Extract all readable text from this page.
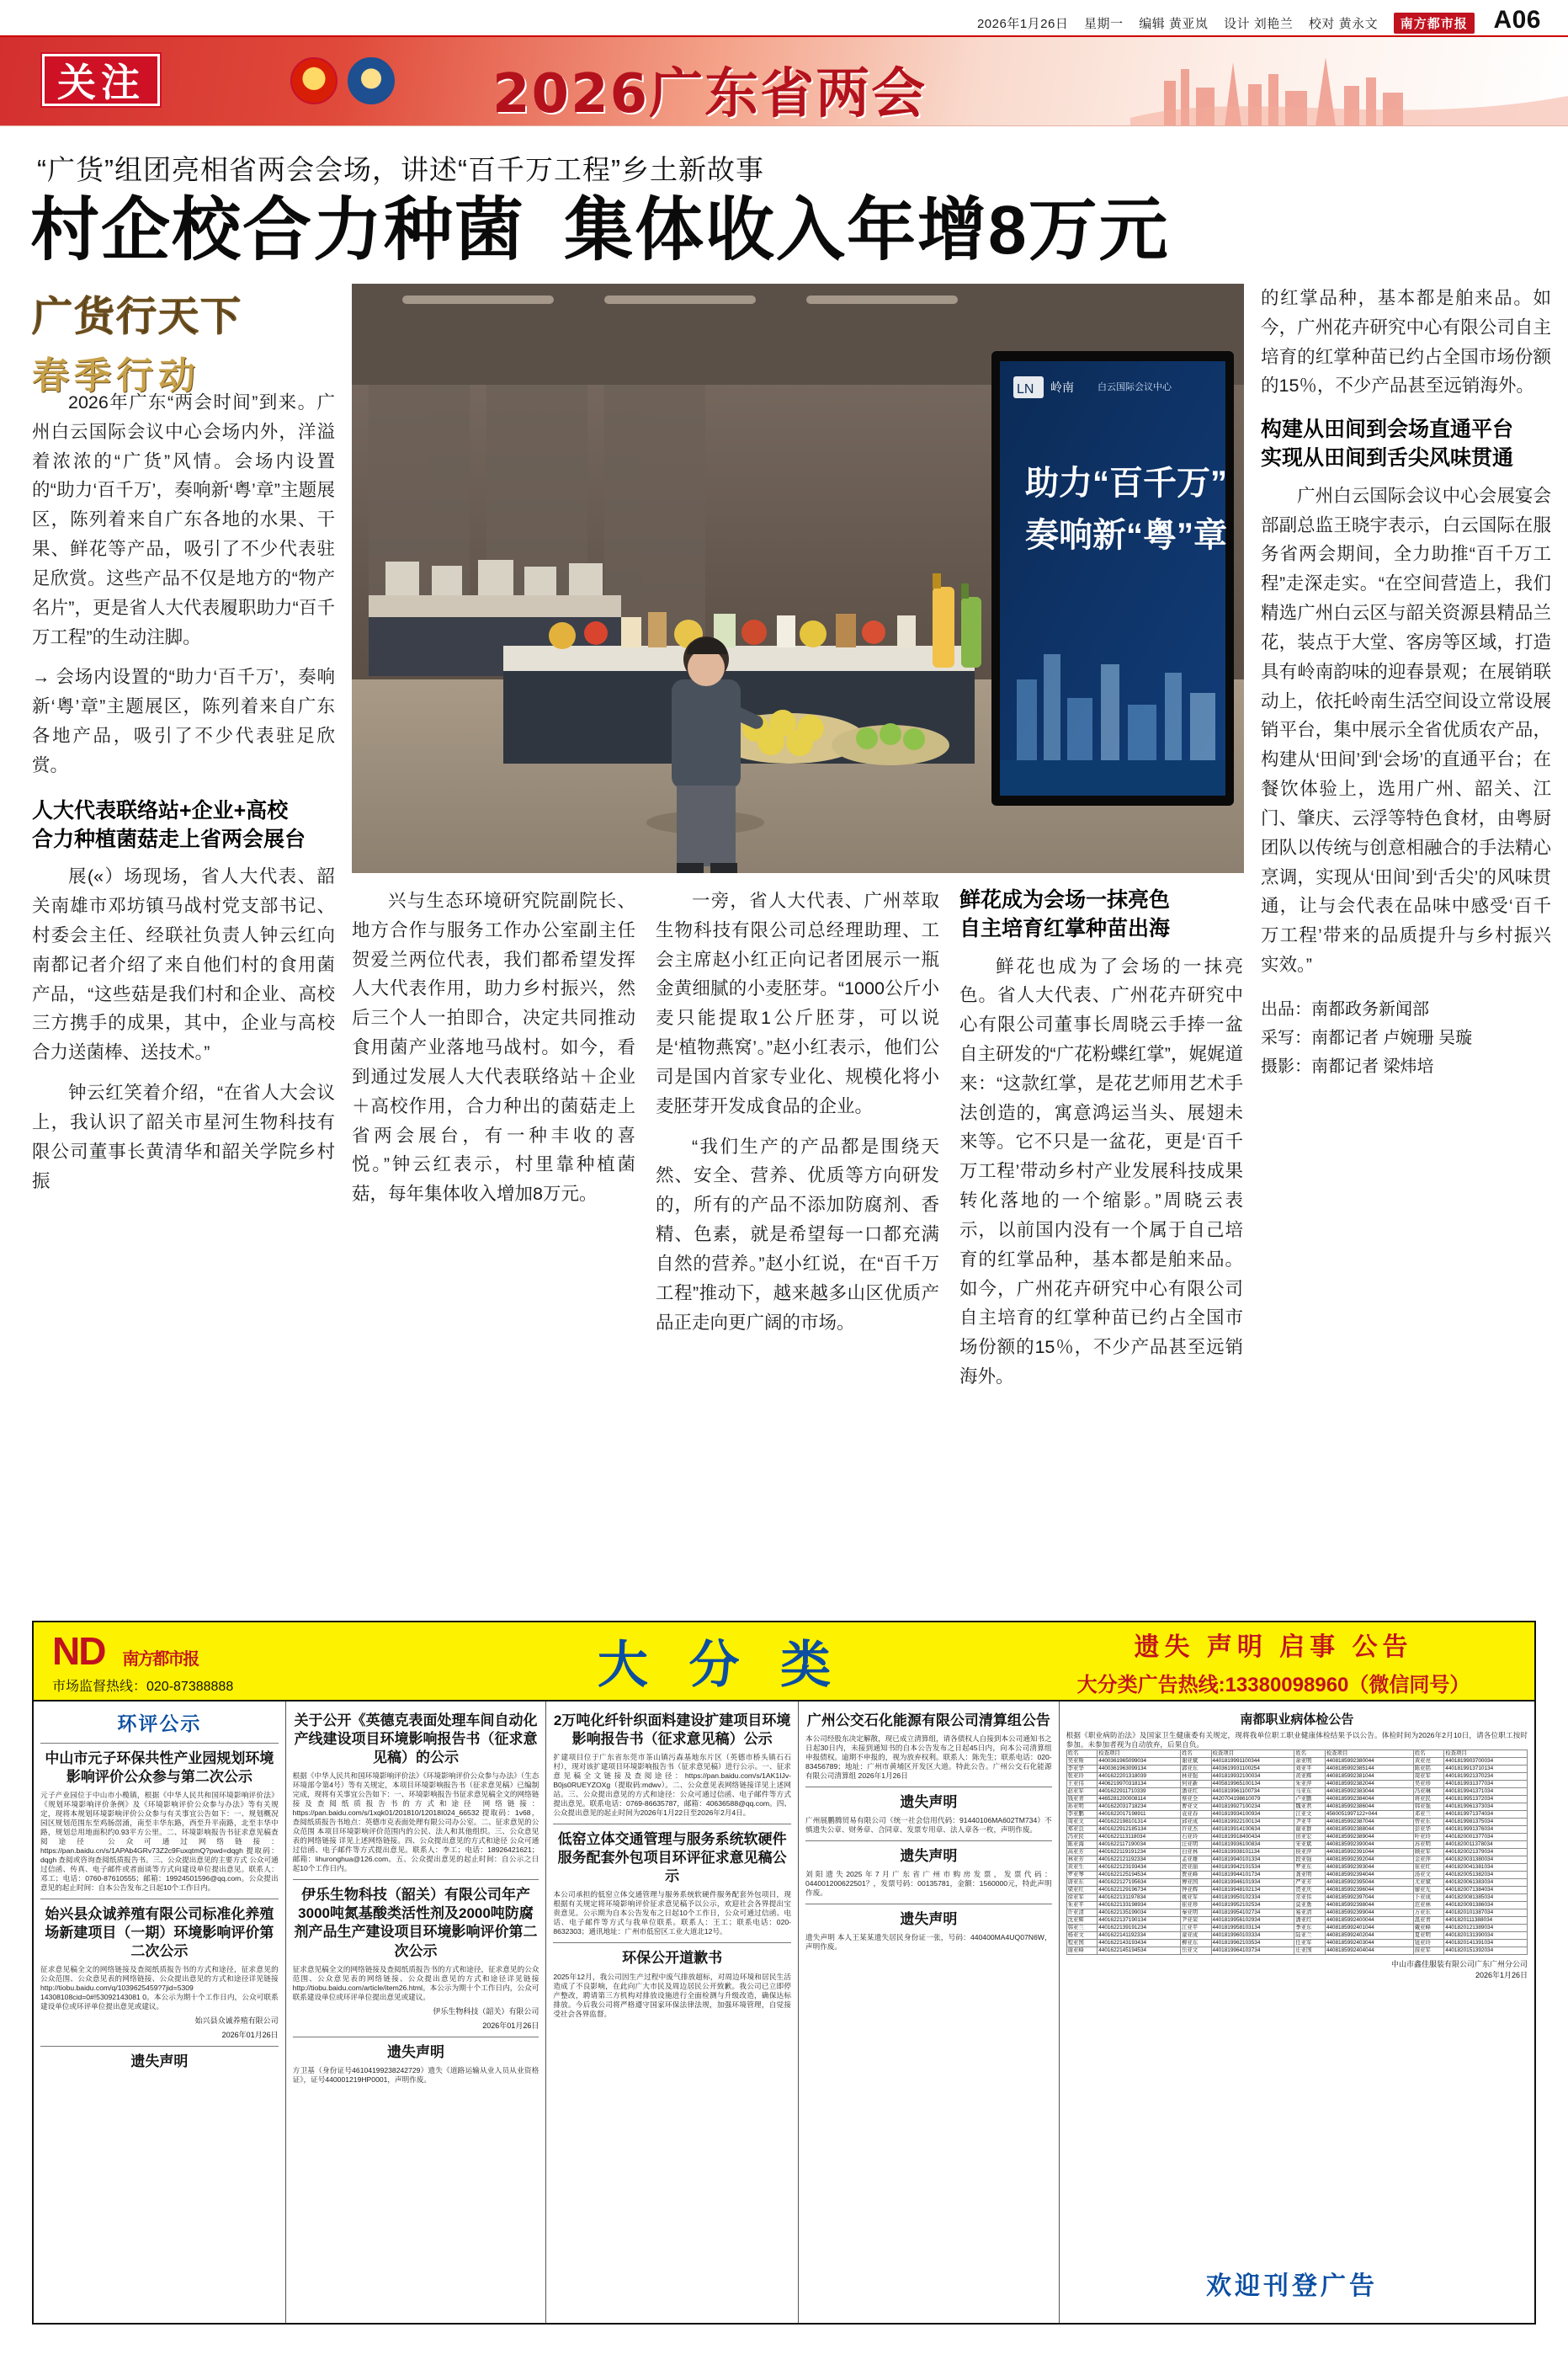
2026年1月26日 星期一 编辑 黄亚岚 设计 刘艳兰 校对 黄永文 南方都市报 A06
关注	2026广东省两会
“广货”组团亮相省两会会场，讲述“百千万工程”乡土新故事
村企校合力种菌 集体收入年增8万元
广货行天下
春季行动

2026年广东“两会时间”到来。广州白云国际会议中心会场内外，洋溢着浓浓的“广货”风情。会场内设置的“助力‘百千万’，奏响新‘粤’章”主题展区，陈列着来自广东各地的水果、干果、鲜花等产品，吸引了不少代表驻足欣赏。这些产品不仅是地方的“物产名片”，更是省人大代表履职助力“百千万工程”的生动注脚。

→ 会场内设置的“助力‘百千万’，奏响新‘粤’章”主题展区，陈列着来自广东各地产品，吸引了不少代表驻足欣赏。

人大代表联络站+企业+高校
合力种植菌菇走上省两会展台

展(«）场现场，省人大代表、韶关南雄市邓坊镇马战村党支部书记、村委会主任、经联社负责人钟云红向南都记者介绍了来自他们村的食用菌产品，“这些菇是我们村和企业、高校三方携手的成果，其中，企业与高校合力送菌棒、送技术。”

钟云红笑着介绍，“在省人大会议上，我认识了韶关市星河生物科技有限公司董事长黄清华和韶关学院乡村振

LN 岭南	白云国际会议中心
助力“百千万”
奏响新“粤”章

兴与生态环境研究院副院长、地方合作与服务工作办公室副主任贺爱兰两位代表，我们都希望发挥人大代表作用，助力乡村振兴，然后三个人一拍即合，决定共同推动食用菌产业落地马战村。如今，看到通过发展人大代表联络站＋企业＋高校作用，合力种出的菌菇走上省两会展台，有一种丰收的喜悦。”钟云红表示，村里靠种植菌菇，每年集体收入增加8万元。

一旁，省人大代表、广州萃取生物科技有限公司总经理助理、工会主席赵小红正向记者团展示一瓶金黄细腻的小麦胚芽。“1000公斤小麦只能提取1公斤胚芽，可以说是‘植物燕窝’。”赵小红表示，他们公司是国内首家专业化、规模化将小麦胚芽开发成食品的企业。

“我们生产的产品都是围绕天然、安全、营养、优质等方向研发的，所有的产品不添加防腐剂、香精、色素，就是希望每一口都充满自然的营养。”赵小红说，在“百千万工程”推动下，越来越多山区优质产品正走向更广阔的市场。

鲜花成为会场一抹亮色
自主培育红掌种苗出海

鲜花也成为了会场的一抹亮色。省人大代表、广州花卉研究中心有限公司董事长周晓云手捧一盆自主研发的“广花粉蝶红掌”，娓娓道来：“这款红掌，是花艺师用艺术手法创造的，寓意鸿运当头、展翅未来等。它不只是一盆花，更是‘百千万工程’带动乡村产业发展科技成果转化落地的一个缩影。”周晓云表示，以前国内没有一个属于自己培育的红掌品种，基本都是舶来品。如今，广州花卉研究中心有限公司自主培育的红掌种苗已约占全国市场份额的15％，不少产品甚至远销海外。

的红掌品种，基本都是舶来品。如今，广州花卉研究中心有限公司自主培育的红掌种苗已约占全国市场份额的15％，不少产品甚至远销海外。

构建从田间到会场直通平台
实现从田间到舌尖风味贯通

广州白云国际会议中心会展宴会部副总监王晓宇表示，白云国际在服务省两会期间，全力助推“百千万工程”走深走实。“在空间营造上，我们精选广州白云区与韶关资源县精品兰花，装点于大堂、客房等区域，打造具有岭南韵味的迎春景观；在展销联动上，依托岭南生活空间设立常设展销平台，集中展示全省优质农产品，构建从‘田间’到‘会场’的直通平台；在餐饮体验上，选用广州、韶关、江门、肇庆、云浮等特色食材，由粤厨团队以传统与创意相融合的手法精心烹调，实现从‘田间’到‘舌尖’的风味贯通，让与会代表在品味中感受‘百千万工程’带来的品质提升与乡村振兴实效。”

出品：南都政务新闻部
采写：南都记者 卢婉珊 吴璇
摄影：南都记者 梁炜培
ND 南方都市报
市场监督热线：020-87388888	大 分 类	遗失 声明 启事 公告
大分类广告热线:13380098960（微信同号）
环评公示
中山市元子环保共性产业园规划环境影响评价公众参与第二次公示
元子产业园位于中山市小榄镇，根据《中华人民共和国环境影响评价法》《规划环境影响评价条例》及《环境影响评价公众参与办法》等有关规定，现将本规划环境影响评价公众参与有关事宜公告如下：一、规划概况 园区规划范围东至鸡肠滘涌，南至丰华东路，西至升平南路，北至丰华中路，规划总用地面积约0.93平方公里。二、环境影响报告书征求意见稿查阅途径 公众可通过网络链接：https://pan.baidu.cn/s/1APAb4GRv73Z2c9FuxqtmQ?pwd=dqgh 提取码：dqgh 查阅或咨询查阅纸质报告书。三、公众提出意见的主要方式 公众可通过信函、传真、电子邮件或者面谈等方式向建设单位提出意见。联系人：邓工；电话：0760-87610555；邮箱：19924501596@qq.com。公众提出意见的起止时间：自本公告发布之日起10个工作日内。
始兴县众诚养殖有限公司标准化养殖场新建项目（一期）环境影响评价第二次公示
征求意见稿全文的网络链接及查阅纸质报告书的方式和途径，征求意见的公众范围、公众意见表的网络链接、公众提出意见的方式和途径详见链接http://tiobu.baidu.com/q/1039625459?7jid=5309 14308108cid=0#!53092143081 0。本公示为期十个工作日内，公众可联系建设单位或环评单位提出意见或建议。
始兴县众诚养殖有限公司
2026年01月26日
遗失声明
关于公开《英德克表面处理车间自动化产线建设项目环境影响报告书（征求意见稿）的公示
根据《中华人民共和国环境影响评价法》《环境影响评价公众参与办法》（生态环境部令第4号）等有关规定，本项目环境影响报告书（征求意见稿）已编制完成，现将有关事宜公告如下：一、环境影响报告书征求意见稿全文的网络链接及查阅纸质报告书的方式和途径 网络链接：https://pan.baidu.com/s/1xqk01/201810/12018I024_66532 提取码：1v68，查阅纸质报告书地点：英德市克表面处理有限公司办公室。二、征求意见的公众范围 本项目环境影响评价范围内的公民、法人和其他组织。三、公众意见表的网络链接 详见上述网络链接。四、公众提出意见的方式和途径 公众可通过信函、电子邮件等方式提出意见。联系人：李工；电话：18926421621；邮箱：lihuronghua@126.com。五、公众提出意见的起止时间：自公示之日起10个工作日内。
伊乐生物科技（韶关）有限公司年产3000吨氮基酸类活性剂及2000吨防腐剂产品生产建设项目环境影响评价第二次公示
征求意见稿全文的网络链接及查阅纸质报告书的方式和途径，征求意见的公众范围、公众意见表的网络链接、公众提出意见的方式和途径详见链接http://tiobu.baidu.com/article/item26.html。本公示为期十个工作日内，公众可联系建设单位或环评单位提出意见或建议。
伊乐生物科技（韶关）有限公司
2026年01月26日
遗失声明
方卫基（身份证号46104199238242729）遗失《道路运输从业人员从业资格证》，证号440001219HP0001，声明作废。
2万吨化纤针织面料建设扩建项目环境影响报告书（征求意见稿）公示
扩建项目位于广东省东莞市茶山镇污森基地东片区（英德市桥头镇石石村），现对该扩建项目环境影响报告书（征求意见稿）进行公示。一、征求意见稿全文链接及查阅途径：https://pan.baidu.com/s/1AK1IJv-B0js0RUEYZOXg（提取码:mdwv）。二、公众意见表网络链接详见上述网站。三、公众提出意见的方式和途径：公众可通过信函、电子邮件等方式提出意见。联系电话：0769-86635787，邮箱：40636588@qq.com。四、公众提出意见的起止时间为2026年1月22日至2026年2月4日。
低窑立体交通管理与服务系统软硬件服务配套外包项目环评征求意见稿公示
本公司承担的低窑立体交通管理与服务系统软硬件服务配套外包项目，现根据有关规定将环境影响评价征求意见稿予以公示，欢迎社会各界提出宝贵意见。公示期为自本公告发布之日起10个工作日，公众可通过信函、电话、电子邮件等方式与我单位联系。联系人：王工；联系电话：020-8632303；通讯地址：广州市低窑区工业大道北12号。
环保公开道歉书
2025年12月，我公司因生产过程中废气排放超标，对周边环境和居民生活造成了不良影响，在此向广大市民及周边居民公开致歉。我公司已立即停产整改，聘请第三方机构对排放设施进行全面检测与升级改造，确保达标排放。今后我公司将严格遵守国家环保法律法规，加强环境管理，自觉接受社会各界监督。
广州公交石化能源有限公司清算组公告
本公司经股东决定解散，现已成立清算组，请各债权人自接到本公司通知书之日起30日内，未接到通知书的自本公告发布之日起45日内，向本公司清算组申报债权。逾期不申报的，视为放弃权利。联系人：陈先生；联系电话：020-83456789；地址：广州市黄埔区开发区大道。特此公告。广州公交石化能源有限公司清算组 2026年1月26日
遗失声明
广州展鹏腾贸易有限公司（统一社会信用代码：91440106MA602TM734）不慎遗失公章、财务章、合同章、发票专用章、法人章各一枚，声明作废。
遗失声明
刘阳遗失2025年7月广东省广州市购房发票，发票代码：044001200622501？，发票号码：00135781，金额：1560000元，特此声明作废。
遗失声明
遗失声明 本人王某某遗失居民身份证一张，号码：440400MA4UQ07N6W，声明作废。
南都职业病体检公告
根据《职业病防治法》及国家卫生健康委有关规定，现将我单位职工职业健康体检结果予以公告。体检时间为2026年2月10日，请各位职工按时参加。未参加者视为自动放弃，后果自负。
姓名	检查项目	姓名	检查项目	姓名	检查项目	姓名	检查项目
吴亚斯	4400361965099034	谢亚斌	4401819991100344	余亚明	4408185992380044	黄亚亮	4401819903700034
李亚华	4400361963099134	郭亚东	4403619931100254	刘亚平	4408185992385144	陈亚铭	4401819913710134
张亚玲	4401622201318039	林亚强	4401819932100034	黄亚辉	4408185992381044	周亚军	4401819921370234
王亚伟	4406219970318134	何亚新	4405819965100134	朱亚萍	4408185992382044	吴亚珍	4401819931377034
赵亚军	4401622911710339	潘亚红	4401819961100734	马亚东	4408185992383044	冯亚琳	4401819941371034
钱亚青	4465281200008114	蔡亚全	4420704198610079	卢亚鹏	4408185992384044	蒋亚民	4401819951372034
孙亚明	4401622031718234	曹亚文	4401819927100234	魏亚君	4408185992386044	韩亚强	4401819961373034
李亚鹏	4401622017198911	袁亚春	4401819934100934	江亚文	4560051997122+044	邓亚兰	4401819971374034
周亚文	4401622198101314	邱亚成	4401819922100134	尹亚平	4408185992387044	曾亚东	4401819981375034
郑亚良	4401622912185134	许亚杰	4401819914100634	谢亚群	4408185992388044	彭亚华	4401819991376034
冯亚民	4401622113118034	石亚玲	4401819918400434	田亚宏	4408185992389044	叶亚玲	4401820001377034
陈亚海	4401622117190034	汪亚明	4401819936100834	宋亚斌	4408185992390044	苏亚明	4401820011378034
高亚芳	4401622119191234	白亚林	4401819938101134	侯亚萍	4408185992391044	顾亚军	4401820021379034
林亚芳	4401622121192334	孟亚雄	4401819940101334	段亚强	4408185992392044	金亚萍	4401820031380034
黄亚生	4401622123193434	段亚丽	4401819942101534	罗亚东	4408185992393044	崔亚红	4401820041381034
罗亚琴	4401622125194534	贾亚峰	4401819944101734	龚亚明	4408185992394044	汤亚文	4401820051382034
唐亚东	4401622127195634	傅亚国	4401819946101934	严亚芳	4408185992395044	尤亚斌	4401820061383034
梁亚红	4401622129196734	钟亚辉	4401819948102134	贺亚庆	4408185992396044	廖亚光	4401820071384034
徐亚军	4401622131197834	姚亚军	4401819950102334	常亚伟	4408185992397044	卜亚成	4401820081385034
朱亚平	4401622133198934	崔亚珍	4401819952102534	莫亚勇	4408185992398044	范亚林	4401820091386034
许亚清	4401622135199034	秦亚明	4401819954102734	易亚清	4408185992399044	万亚东	4401820101387034
沈亚辉	4401622137190134	尹亚荣	4401819956102934	潘亚红	4408185992400044	温亚青	4401820111388034
韩亚兰	4401622139191234	江亚平	4401819958103134	季亚东	4408185992401044	戴亚峰	4401820121389034
杨亚文	4401622141192334	童亚成	4401819960103334	陆亚兰	4408185992402044	夏亚明	4401820131390034
程亚国	4401622143193434	柳亚东	4401819962103534	任亚军	4408185992403044	钮亚玲	4401820141391034
谢亚峰	4401622145194534	岳亚文	4401819964103734	庄亚国	4408185992404044	薛亚军	4401820151392034
中山市鑫佳服装有限公司广东广州分公司
2026年1月26日
欢迎刊登广告
